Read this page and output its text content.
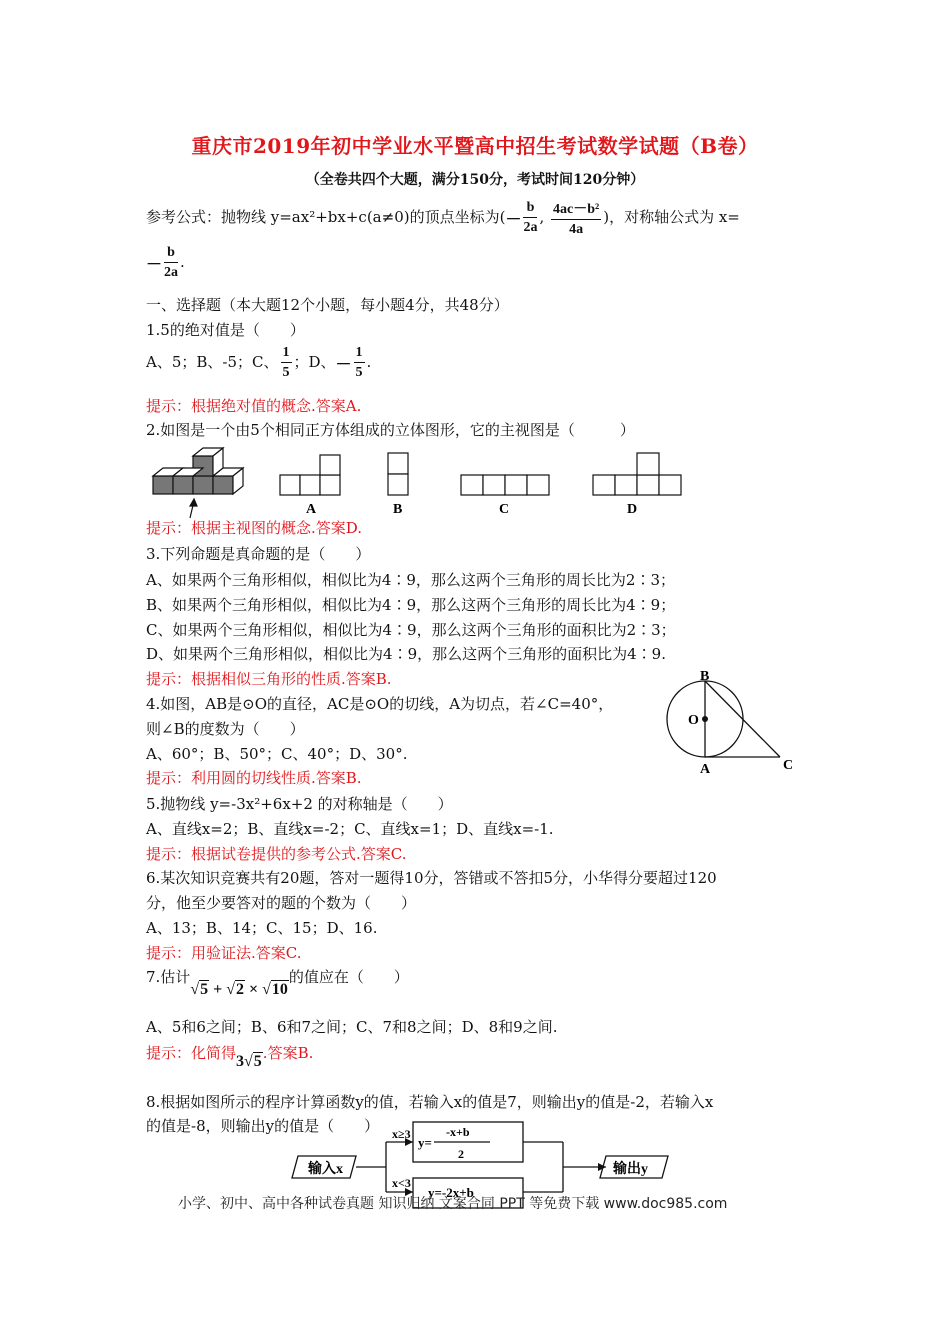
重庆市2019年初中学业水平暨高中招生考试数学试题（B卷）
（全卷共四个大题，满分150分，考试时间120分钟）
参考公式：抛物线 y=ax²+bx+c(a≠0)的顶点坐标为(－ $\frac{b}{2a}$ , $\frac{\text{4ac－b²}}{4a}$ )，对称轴公式为 x=
－ $\frac{b}{2a}$ .
一、选择题（本大题12个小题，每小题4分，共48分）
1.5的绝对值是（　　）
A、5；B、-5；C、 $\frac{1}{5}$ ；D、－ $\frac{1}{5}$ .
提示：根据绝对值的概念.答案A.
2.如图是一个由5个相同正方体组成的立体图形，它的主视图是（　　　）
A	B	C	D
提示：根据主视图的概念.答案D.
3.下列命题是真命题的是（　　）
A、如果两个三角形相似，相似比为4∶9，那么这两个三角形的周长比为2∶3；
B、如果两个三角形相似，相似比为4∶9，那么这两个三角形的周长比为4∶9；
C、如果两个三角形相似，相似比为4∶9，那么这两个三角形的面积比为2∶3；
D、如果两个三角形相似，相似比为4∶9，那么这两个三角形的面积比为4∶9.
提示：根据相似三角形的性质.答案B.
4.如图，AB是⊙O的直径，AC是⊙O的切线，A为切点，若∠C=40°，
则∠B的度数为（　　）
A、60°；B、50°；C、40°；D、30°.
提示：利用圆的切线性质.答案B.
B
O
A	C
5.抛物线 y=-3x²+6x+2 的对称轴是（　　）
A、直线x=2；B、直线x=-2；C、直线x=1；D、直线x=-1.
提示：根据试卷提供的参考公式.答案C.
6.某次知识竞赛共有20题，答对一题得10分，答错或不答扣5分，小华得分要超过120
分，他至少要答对的题的个数为（　　）
A、13；B、14；C、15；D、16.
提示：用验证法.答案C.
7.估计√5 + √2 × √10的值应在（　　）
A、5和6之间；B、6和7之间；C、7和8之间；D、8和9之间.
提示：化简得3√5.答案B.
8.根据如图所示的程序计算函数y的值，若输入x的值是7，则输出y的值是-2，若输入x
的值是-8，则输出y的值是（　　）
输入x	输出y
x≥3
x<3
y=
-x+b
2
y=-2x+b
小学、初中、高中各种试卷真题 知识归纳 文案合同 PPT 等免费下载 www.doc985.com
